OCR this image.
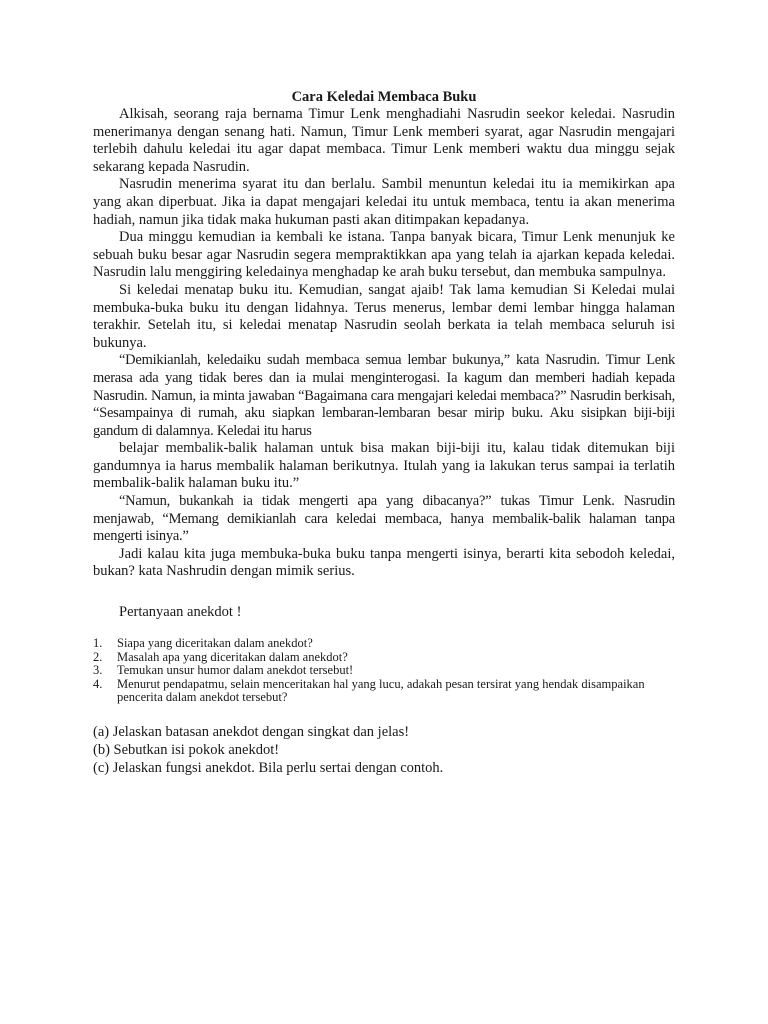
Cara Keledai Membaca Buku

Alkisah, seorang raja bernama Timur Lenk menghadiahi Nasrudin seekor keledai. Nasrudin menerimanya dengan senang hati. Namun, Timur Lenk memberi syarat, agar Nasrudin mengajari terlebih dahulu keledai itu agar dapat membaca. Timur Lenk memberi waktu dua minggu sejak sekarang kepada Nasrudin.

Nasrudin menerima syarat itu dan berlalu. Sambil menuntun keledai itu ia memikirkan apa yang akan diperbuat. Jika ia dapat mengajari keledai itu untuk membaca, tentu ia akan menerima hadiah, namun jika tidak maka hukuman pasti akan ditimpakan kepadanya.

Dua minggu kemudian ia kembali ke istana. Tanpa banyak bicara, Timur Lenk menunjuk ke sebuah buku besar agar Nasrudin segera mempraktikkan apa yang telah ia ajarkan kepada keledai. Nasrudin lalu menggiring keledainya menghadap ke arah buku tersebut, dan membuka sampulnya.

Si keledai menatap buku itu. Kemudian, sangat ajaib! Tak lama kemudian Si Keledai mulai membuka-buka buku itu dengan lidahnya. Terus menerus, lembar demi lembar hingga halaman terakhir. Setelah itu, si keledai menatap Nasrudin seolah berkata ia telah membaca seluruh isi bukunya.

“Demikianlah, keledaiku sudah membaca semua lembar bukunya,” kata Nasrudin. Timur Lenk merasa ada yang tidak beres dan ia mulai menginterogasi. Ia kagum dan memberi hadiah kepada Nasrudin. Namun, ia minta jawaban “Bagaimana cara mengajari keledai membaca?” Nasrudin berkisah, “Sesampainya di rumah, aku siapkan lembaran-lembaran besar mirip buku. Aku sisipkan biji-biji gandum di dalamnya. Keledai itu harus

belajar membalik-balik halaman untuk bisa makan biji-biji itu, kalau tidak ditemukan biji gandumnya ia harus membalik halaman berikutnya. Itulah yang ia lakukan terus sampai ia terlatih membalik-balik halaman buku itu.”

“Namun, bukankah ia tidak mengerti apa yang dibacanya?” tukas Timur Lenk. Nasrudin menjawab, “Memang demikianlah cara keledai membaca, hanya membalik-balik halaman tanpa mengerti isinya.”

Jadi kalau kita juga membuka-buka buku tanpa mengerti isinya, berarti kita sebodoh keledai, bukan? kata Nashrudin dengan mimik serius.

Pertanyaan anekdot !

1.	Siapa yang diceritakan dalam anekdot?
2.	Masalah apa yang diceritakan dalam anekdot?
3.	Temukan unsur humor dalam anekdot tersebut!
4.	Menurut pendapatmu, selain menceritakan hal yang lucu, adakah pesan tersirat yang hendak disampaikan pencerita dalam anekdot tersebut?
(a) Jelaskan batasan anekdot dengan singkat dan jelas!
(b) Sebutkan isi pokok anekdot!
(c) Jelaskan fungsi anekdot. Bila perlu sertai dengan contoh.
